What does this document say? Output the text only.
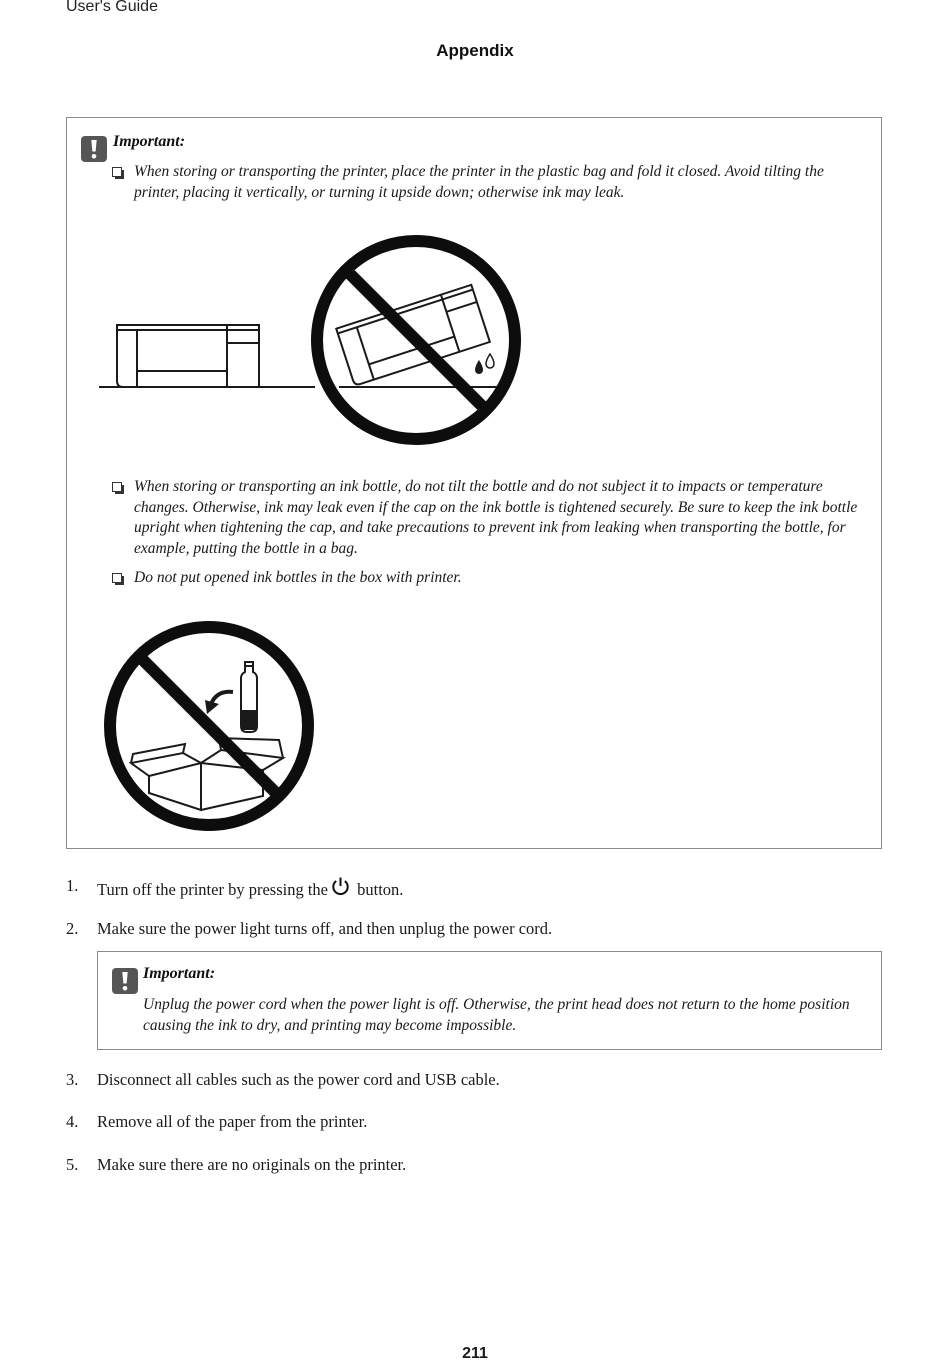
User's Guide
Appendix
Important:
When storing or transporting the printer, place the printer in the plastic bag and fold it closed. Avoid tilting the printer, placing it vertically, or turning it upside down; otherwise ink may leak.
When storing or transporting an ink bottle, do not tilt the bottle and do not subject it to impacts or temperature changes. Otherwise, ink may leak even if the cap on the ink bottle is tightened securely. Be sure to keep the ink bottle upright when tightening the cap, and take precautions to prevent ink from leaking when transporting the bottle, for example, putting the bottle in a bag.
Do not put opened ink bottles in the box with printer.
1. Turn off the printer by pressing the button.
2. Make sure the power light turns off, and then unplug the power cord.
Important:
Unplug the power cord when the power light is off. Otherwise, the print head does not return to the home position causing the ink to dry, and printing may become impossible.
3. Disconnect all cables such as the power cord and USB cable.
4. Remove all of the paper from the printer.
5. Make sure there are no originals on the printer.
211
